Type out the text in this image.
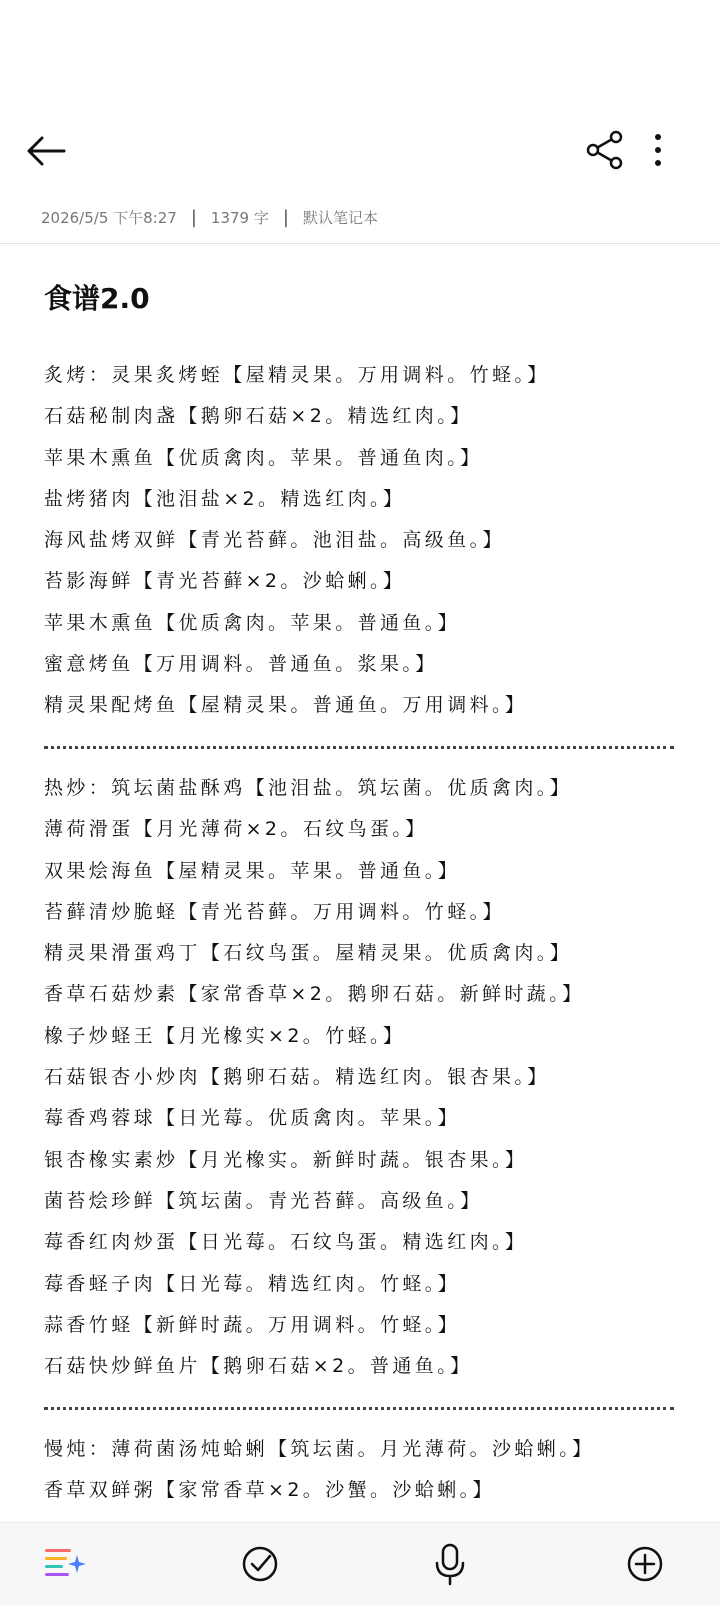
2026/5/5 下午8:27 | 1379 字 | 默认笔记本
食谱2.0
炙烤：灵果炙烤蛭【屋精灵果。万用调料。竹蛏。】
石菇秘制肉盏【鹅卵石菇×2。精选红肉。】
苹果木熏鱼【优质禽肉。苹果。普通鱼肉。】
盐烤猪肉【池泪盐×2。精选红肉。】
海风盐烤双鲜【青光苔藓。池泪盐。高级鱼。】
苔影海鲜【青光苔藓×2。沙蛤蜊。】
苹果木熏鱼【优质禽肉。苹果。普通鱼。】
蜜意烤鱼【万用调料。普通鱼。浆果。】
精灵果配烤鱼【屋精灵果。普通鱼。万用调料。】
热炒：筑坛菌盐酥鸡【池泪盐。筑坛菌。优质禽肉。】
薄荷滑蛋【月光薄荷×2。石纹鸟蛋。】
双果烩海鱼【屋精灵果。苹果。普通鱼。】
苔藓清炒脆蛏【青光苔藓。万用调料。竹蛏。】
精灵果滑蛋鸡丁【石纹鸟蛋。屋精灵果。优质禽肉。】
香草石菇炒素【家常香草×2。鹅卵石菇。新鲜时蔬。】
橡子炒蛏王【月光橡实×2。竹蛏。】
石菇银杏小炒肉【鹅卵石菇。精选红肉。银杏果。】
莓香鸡蓉球【日光莓。优质禽肉。苹果。】
银杏橡实素炒【月光橡实。新鲜时蔬。银杏果。】
菌苔烩珍鲜【筑坛菌。青光苔藓。高级鱼。】
莓香红肉炒蛋【日光莓。石纹鸟蛋。精选红肉。】
莓香蛏子肉【日光莓。精选红肉。竹蛏。】
蒜香竹蛏【新鲜时蔬。万用调料。竹蛏。】
石菇快炒鲜鱼片【鹅卵石菇×2。普通鱼。】
慢炖：薄荷菌汤炖蛤蜊【筑坛菌。月光薄荷。沙蛤蜊。】
香草双鲜粥【家常香草×2。沙蟹。沙蛤蜊。】
